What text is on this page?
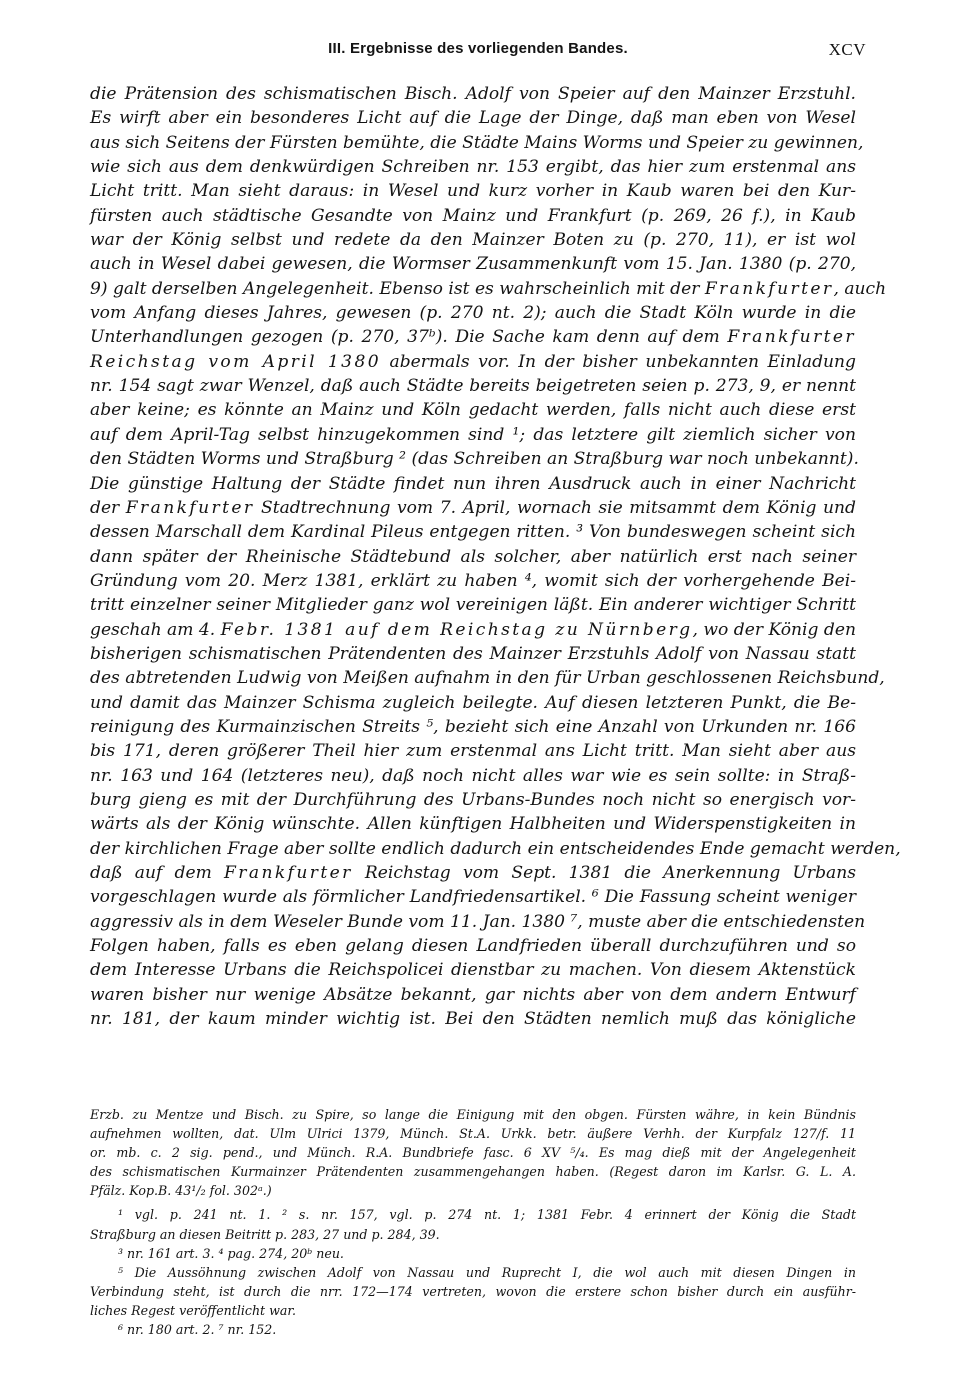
III. Ergebnisse des vorliegenden Bandes.	XCV
die Prätension des schismatischen Bisch. Adolf von Speier auf den Mainzer Erzstuhl.
Es wirft aber ein besonderes Licht auf die Lage der Dinge, daß man eben von Wesel
aus sich Seitens der Fürsten bemühte, die Städte Mains Worms und Speier zu gewinnen,
wie sich aus dem denkwürdigen Schreiben nr. 153 ergibt, das hier zum erstenmal ans
Licht tritt. Man sieht daraus: in Wesel und kurz vorher in Kaub waren bei den Kur-
fürsten auch städtische Gesandte von Mainz und Frankfurt (p. 269, 26 f.), in Kaub
war der König selbst und redete da den Mainzer Boten zu (p. 270, 11), er ist wol
auch in Wesel dabei gewesen, die Wormser Zusammenkunft vom 15. Jan. 1380 (p. 270,
9) galt derselben Angelegenheit. Ebenso ist es wahrscheinlich mit der Frankfurter, auch
vom Anfang dieses Jahres, gewesen (p. 270 nt. 2); auch die Stadt Köln wurde in die
Unterhandlungen gezogen (p. 270, 37ᵇ). Die Sache kam denn auf dem Frankfurter
Reichstag vom April 1380 abermals vor. In der bisher unbekannten Einladung
nr. 154 sagt zwar Wenzel, daß auch Städte bereits beigetreten seien p. 273, 9, er nennt
aber keine; es könnte an Mainz und Köln gedacht werden, falls nicht auch diese erst
auf dem April-Tag selbst hinzugekommen sind ¹; das letztere gilt ziemlich sicher von
den Städten Worms und Straßburg ² (das Schreiben an Straßburg war noch unbekannt).
Die günstige Haltung der Städte findet nun ihren Ausdruck auch in einer Nachricht
der Frankfurter Stadtrechnung vom 7. April, wornach sie mitsammt dem König und
dessen Marschall dem Kardinal Pileus entgegen ritten. ³ Von bundeswegen scheint sich
dann später der Rheinische Städtebund als solcher, aber natürlich erst nach seiner
Gründung vom 20. Merz 1381, erklärt zu haben ⁴, womit sich der vorhergehende Bei-
tritt einzelner seiner Mitglieder ganz wol vereinigen läßt. Ein anderer wichtiger Schritt
geschah am 4. Febr. 1381 auf dem Reichstag zu Nürnberg, wo der König den
bisherigen schismatischen Prätendenten des Mainzer Erzstuhls Adolf von Nassau statt
des abtretenden Ludwig von Meißen aufnahm in den für Urban geschlossenen Reichsbund,
und damit das Mainzer Schisma zugleich beilegte. Auf diesen letzteren Punkt, die Be-
reinigung des Kurmainzischen Streits ⁵, bezieht sich eine Anzahl von Urkunden nr. 166
bis 171, deren größerer Theil hier zum erstenmal ans Licht tritt. Man sieht aber aus
nr. 163 und 164 (letzteres neu), daß noch nicht alles war wie es sein sollte: in Straß-
burg gieng es mit der Durchführung des Urbans-Bundes noch nicht so energisch vor-
wärts als der König wünschte. Allen künftigen Halbheiten und Widerspenstigkeiten in
der kirchlichen Frage aber sollte endlich dadurch ein entscheidendes Ende gemacht werden,
daß auf dem Frankfurter Reichstag vom Sept. 1381 die Anerkennung Urbans
vorgeschlagen wurde als förmlicher Landfriedensartikel. ⁶ Die Fassung scheint weniger
aggressiv als in dem Weseler Bunde vom 11. Jan. 1380 ⁷, muste aber die entschiedensten
Folgen haben, falls es eben gelang diesen Landfrieden überall durchzuführen und so
dem Interesse Urbans die Reichspolicei dienstbar zu machen. Von diesem Aktenstück
waren bisher nur wenige Absätze bekannt, gar nichts aber von dem andern Entwurf
nr. 181, der kaum minder wichtig ist. Bei den Städten nemlich muß das königliche
Erzb. zu Mentze und Bisch. zu Spire, so lange die Einigung mit den obgen. Fürsten währe, in kein Bündnis
aufnehmen wollten, dat. Ulm Ulrici 1379, Münch. St.A. Urkk. betr. äußere Verhh. der Kurpfalz 127/f. 11
or. mb. c. 2 sig. pend., und Münch. R.A. Bundbriefe fasc. 6 XV ⁵/₄. Es mag dieß mit der Angelegenheit
des schismatischen Kurmainzer Prätendenten zusammengehangen haben. (Regest daron im Karlsr. G. L. A.
Pfälz. Kop.B. 43¹/₂ fol. 302ᵃ.)
¹ vgl. p. 241 nt. 1. ² s. nr. 157, vgl. p. 274 nt. 1; 1381 Febr. 4 erinnert der König die Stadt
Straßburg an diesen Beitritt p. 283, 27 und p. 284, 39.
³ nr. 161 art. 3. ⁴ pag. 274, 20ᵇ neu.
⁵ Die Aussöhnung zwischen Adolf von Nassau und Ruprecht I, die wol auch mit diesen Dingen in
Verbindung steht, ist durch die nrr. 172—174 vertreten, wovon die erstere schon bisher durch ein ausführ-
liches Regest veröffentlicht war.
⁶ nr. 180 art. 2. ⁷ nr. 152.
